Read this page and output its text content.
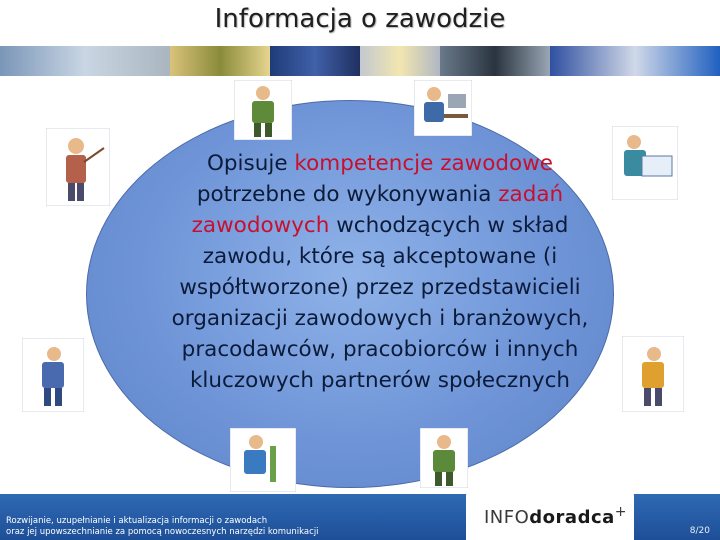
Informacja o zawodzie
Opisuje kompetencje zawodowe potrzebne do wykonywania zadań zawodowych wchodzących w skład zawodu, które są akceptowane (i współtworzone) przez przedstawicieli organizacji zawodowych i branżowych, pracodawców, pracobiorców i innych kluczowych partnerów społecznych
Rozwijanie, uzupełnianie i aktualizacja informacji o zawodach
oraz jej upowszechnianie za pomocą nowoczesnych narzędzi komunikacji
INFOdoradca+
8/20
